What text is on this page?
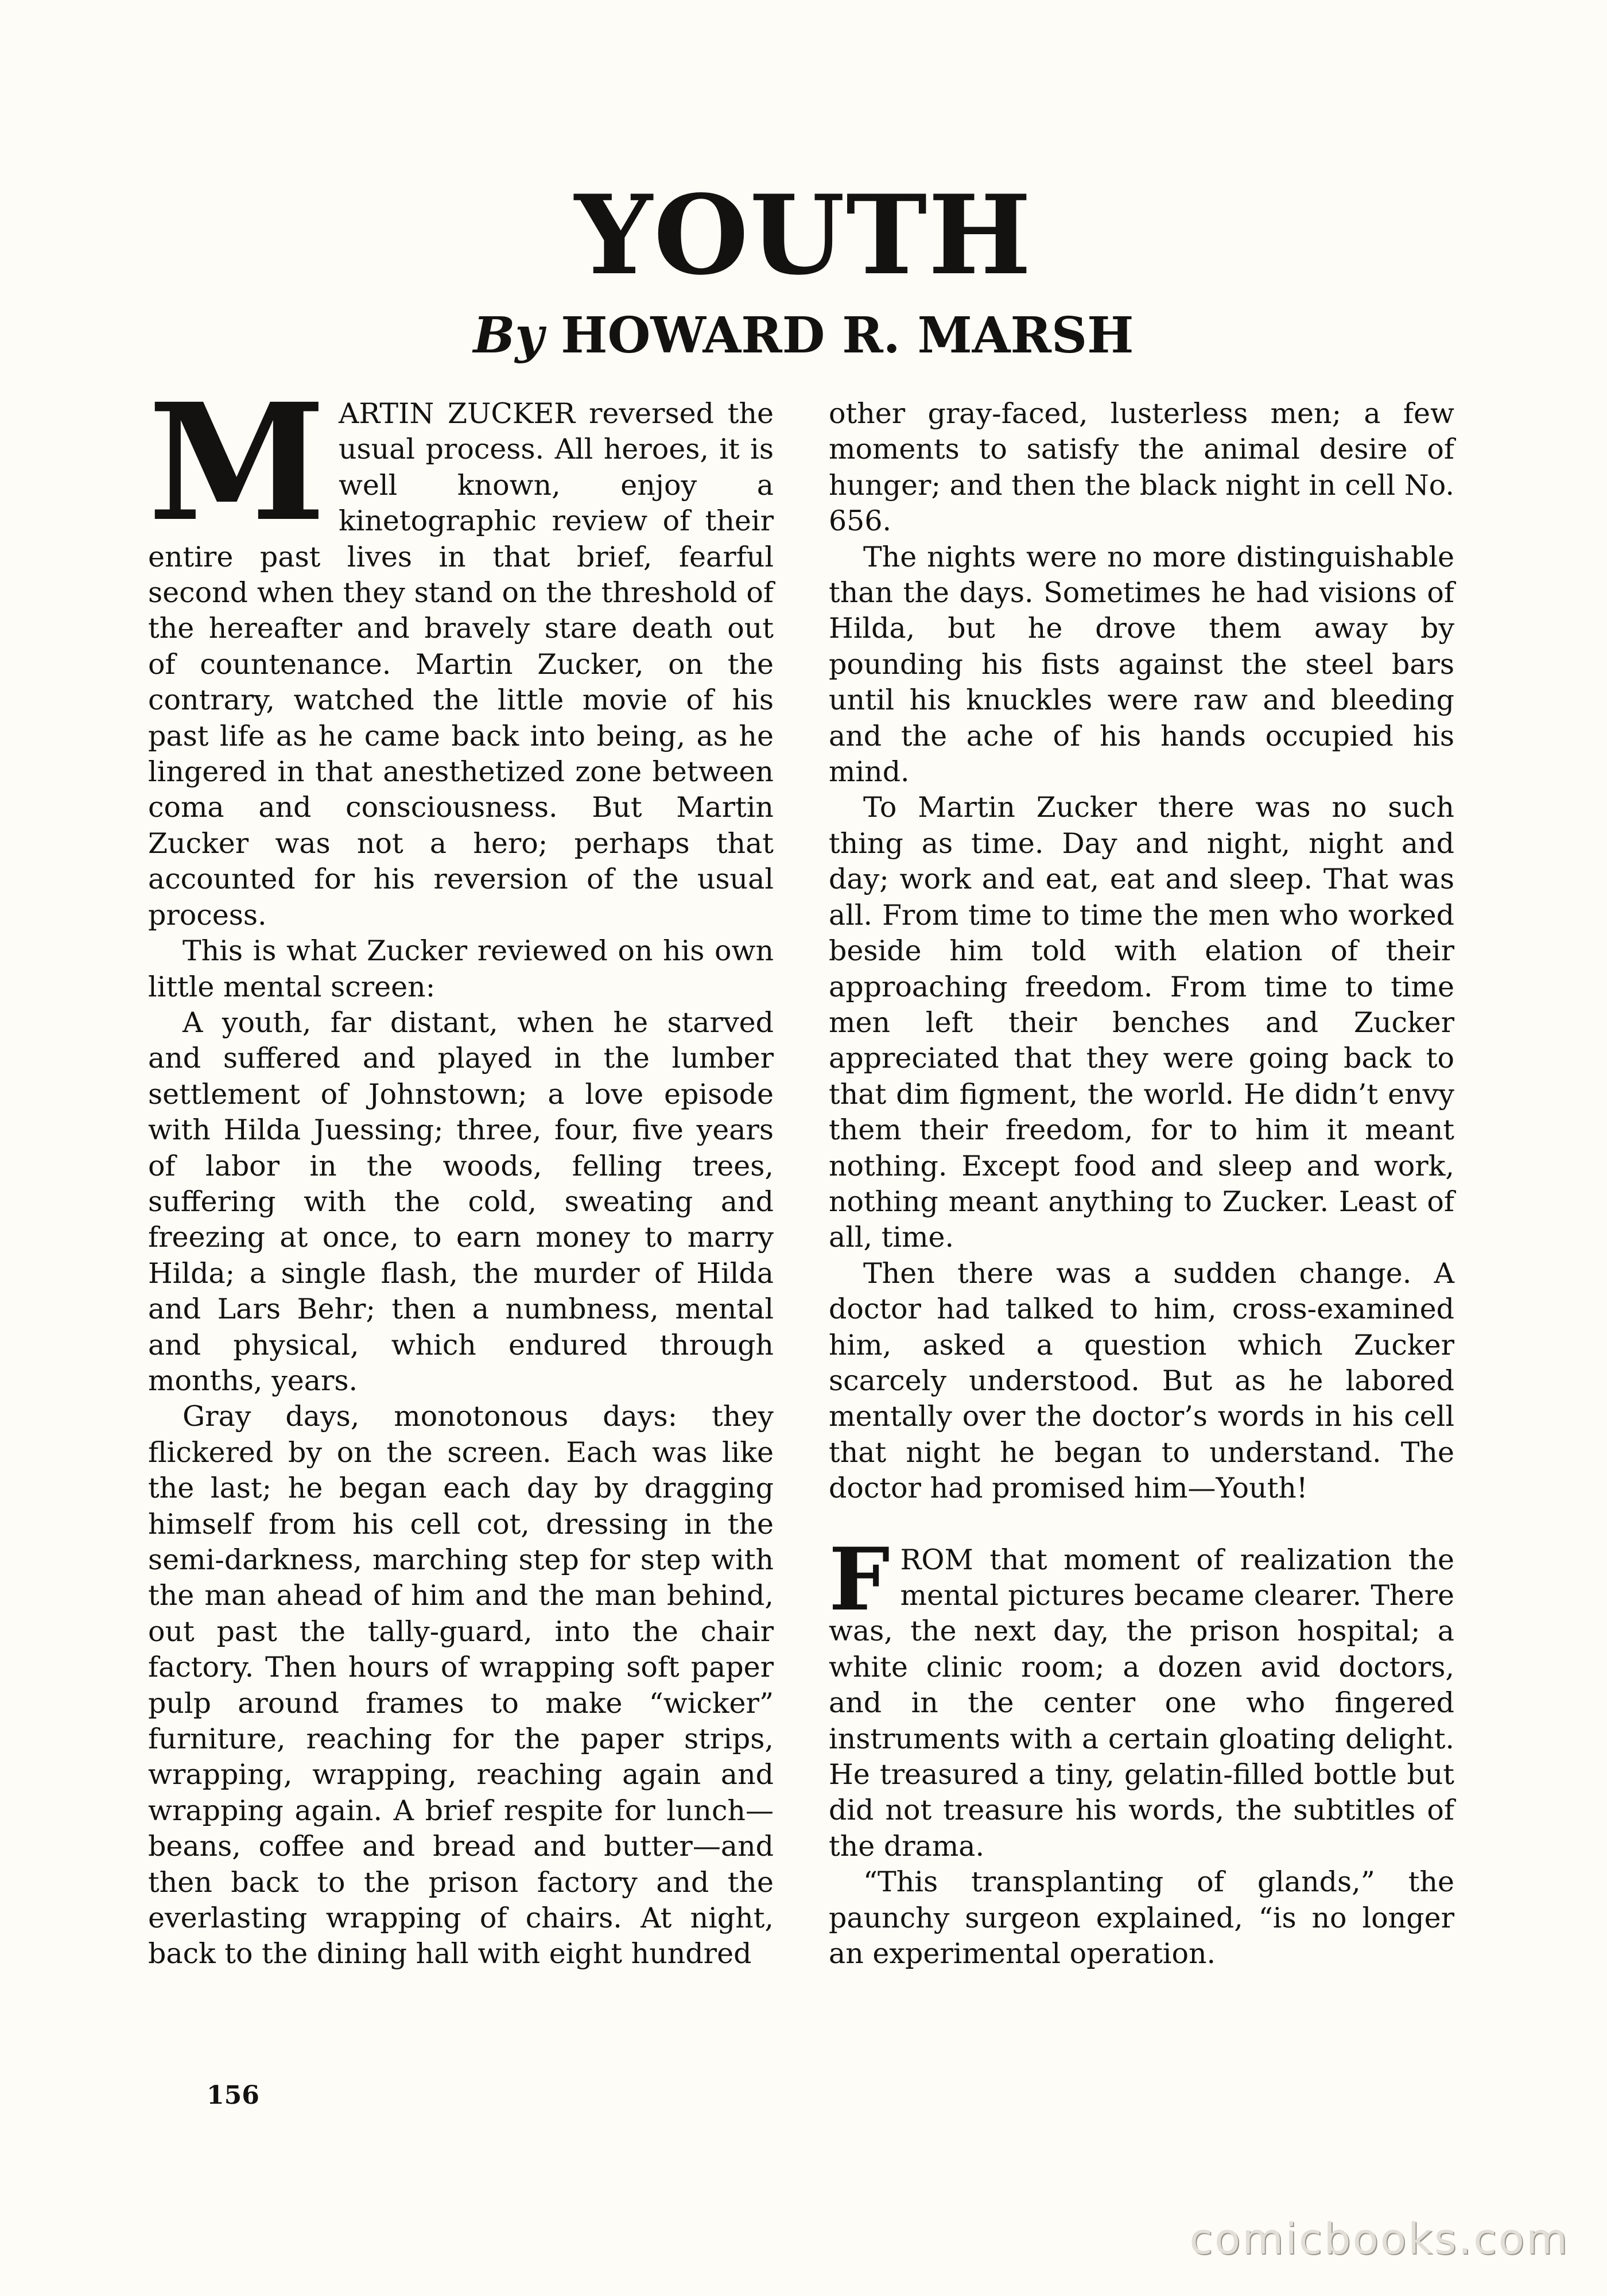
YOUTH
By HOWARD R. MARSH

MARTIN ZUCKER reversed the usual process. All heroes, it is well known, enjoy a kinetographic review of their entire past lives in that brief, fearful second when they stand on the threshold of the hereafter and bravely stare death out of countenance. Martin Zucker, on the contrary, watched the little movie of his past life as he came back into being, as he lingered in that anesthetized zone between coma and consciousness. But Martin Zucker was not a hero; perhaps that accounted for his reversion of the usual process.

This is what Zucker reviewed on his own little mental screen:

A youth, far distant, when he starved and suffered and played in the lumber settlement of Johnstown; a love episode with Hilda Juessing; three, four, five years of labor in the woods, felling trees, suffering with the cold, sweating and freezing at once, to earn money to marry Hilda; a single flash, the murder of Hilda and Lars Behr; then a numbness, mental and physical, which endured through months, years.

Gray days, monotonous days: they flickered by on the screen. Each was like the last; he began each day by dragging himself from his cell cot, dressing in the semi-darkness, marching step for step with the man ahead of him and the man behind, out past the tally-guard, into the chair factory. Then hours of wrapping soft paper pulp around frames to make “wicker” furniture, reaching for the paper strips, wrapping, wrapping, reaching again and wrapping again. A brief respite for lunch—beans, coffee and bread and butter—and then back to the prison factory and the everlasting wrapping of chairs. At night, back to the dining hall with eight hundred

other gray-faced, lusterless men; a few moments to satisfy the animal desire of hunger; and then the black night in cell No. 656.

The nights were no more distinguishable than the days. Sometimes he had visions of Hilda, but he drove them away by pounding his fists against the steel bars until his knuckles were raw and bleeding and the ache of his hands occupied his mind.

To Martin Zucker there was no such thing as time. Day and night, night and day; work and eat, eat and sleep. That was all. From time to time the men who worked beside him told with elation of their approaching freedom. From time to time men left their benches and Zucker appreciated that they were going back to that dim figment, the world. He didn’t envy them their freedom, for to him it meant nothing. Except food and sleep and work, nothing meant anything to Zucker. Least of all, time.

Then there was a sudden change. A doctor had talked to him, cross-examined him, asked a question which Zucker scarcely understood. But as he labored mentally over the doctor’s words in his cell that night he began to understand. The doctor had promised him—Youth!

FROM that moment of realization the mental pictures became clearer. There was, the next day, the prison hospital; a white clinic room; a dozen avid doctors, and in the center one who fingered instruments with a certain gloating delight. He treasured a tiny, gelatin-filled bottle but did not treasure his words, the subtitles of the drama.

“This transplanting of glands,” the paunchy surgeon explained, “is no longer an experimental operation.

156
comicbooks.com
